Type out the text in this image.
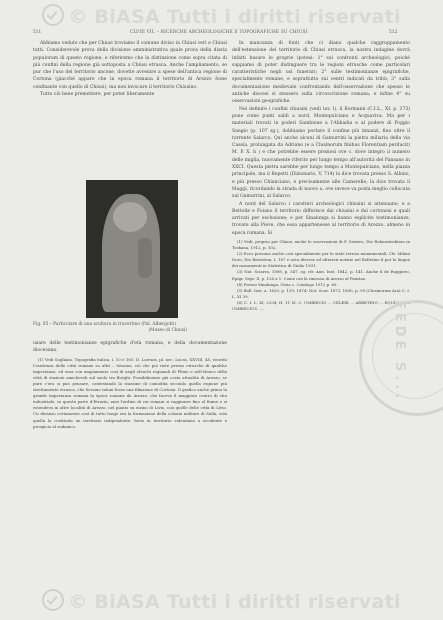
© BiASA Tutti i diritti riservati
511	CLVIII VII. – RICERCHE ARCHEOLOGICHE E TOPOGRAFICHE SU CHIUSI	512

Abbiamo veduto che per Chiusi troviamo il comune diviso in Chiusi veri e Chiusi tutti. Considerevole prova della divisione amministrativa quale prova della diaria populorum di questo regione, e riferiremo che la distinzione come sopra citata di più confini della regione già sottoposta a Chiusi etrusca. Anche l'ampliamento, se pur che l'uso del territorio ancone, dovette avvenire a spese dell'antica regione di Cortona (giacché appare che in epoca romana il territorio di Arezzo fosse confinante con quello di Chiusi), ma non invocare il territorio Chiusino.

Tutto ciò bene premettere, per poter liberamente

Fig. 85 – Particolare di una scultura in travertino (Pal. Albergotti)
(Museo di Chiusi)

usare delle testimonianze epigrafiche d'età romana, e della documentazione diocesana.

(1) Vedi Sogliano, Topografia italica, i, 10 e 165. D. Lorenzi, pl. nec. Lucas, XXVIII, 45, ricordo l'esistenza delle città romane su altri – Sessino, ciò che poi riete presso etrusche di qualche importanza, ed essa con ampiamento così di negli elenchi regionali di Plinio e nell'elenco della città di stazioni amichevoli sul suolo tra Borghi. Possibilmente già costa attualità di Arezzo, se pure c'era si può pensare, contestando la stazione di comodità secondo quella regione più strettamente etrusca, che Sessino taluni fosse una filiazione di Cortona. Il grafico anche prima la grande importanza romana la epoca romana da Arezzo, che faceva il maggiore centro di vita industriale, in questa parte d'Etruria; anzi l'ordine di cui romani si raggiunse fino al fiume e si estendeva in altre località di Arezzo, nel pianto su eizino di Livio, con quelle delle città di Livio. Un divanzo certamente così di tutto luogo ora la formazione della colonia militare di Sulla, sola quella la costituita un territorio indipendente, forse in territorio valentiano a occidente e prospicio al sudanico.

In mancanza di fonti che ci diano qualche raggruppamento dell'estensione del territorio di Chiusi etrusca, la nostra indagine dovrà infatti basare le proprie ipotesi: 1° sui confronti archeologici, poiché sappiamo di poter distinguere tra le regioni etrusche come particolari caratteristiche negli usi funerari; 2° sulle testimonianze epigrafiche, specialmente romane, e soprattutto sui centri indicati da tribù; 3° sulla documentazione medievale confrontando dell'osservazione che spesso le antiche diocesi si stessero sulla circoscrizione romana; e infine 4° su osservazioni geografiche.

Nel definire i confini chiusini (vedi tav. I), il Bormann (C.I.L., XI, p. 373) pone come punti saldi a nord, Montepulciano e Acquaviva. Ma per i materiali trovati in poderi Sambione a l'Abbadia e al podere di Poggio Sangio (p. 107 sg.), dobbiamo portare il confine più innanzi, fino oltre il torrente Salarco. Qui anche alcuni di Gamurrini la pietra miliaria della via Cassia, prolungata da Adriano (e a Clusinorum finibus Florentiam perducit) M. P. X. h ) e che potrebbe essere preziosi ove c. dove integro il numero delle miglia, nuovamente riferito per lungo tempo all'autorità del Pansano in XXCI. Questa pietra sarebbe per lungo tempo a Montepulciano, nella piazza principale, ma il Repetti (Dizionario, V, 714) la dice trovata presso S. Albino, e più presso Chianciano, e precisamente alle Camerelle; la dice trovata il Maggi, ricordando la strada di nuovo a, ove invece va posta meglio collocata sul Gamurrini, al Salarco.

A nord del Salarco i caratteri archeologici chiusini si attenuano; e a Bettolle e Foiano il territorio differisce dai chiusini e dai cortonesi e quali arrivati per esclusione; e per Sinalunga si hanno esplicite testimonianze, trovate alla Pieve, che essa appartenesse al territorio di Arezzo, almeno in epoca romana. Si

(1) Vedi, proprio per Chiusi, anche le osservazioni di F. Soriero, Die Rekonstruktion in Toskana, 1912, p. 102.

(2) Ecco possono anche così specialmente per le stele terrosi monumentali, Cfr. Milani Doro, Die Bestatten, I, 167 e nota diverse ed ulteriori notizie nel Bolletino il per la lingua dei monumenti in Statistica di Giulio 1931.

(3) Nat. Sciarra, 1898, p. 347, sg. cfr. Ann. Inst. 1842, p. 141. Anche il de Ruggiero, Epigr. Sepr. Il, p. 126 a 1. Come ora la rimessa di Arezzo al Pansino.

(4) Presso Sinalunga, Gioia c. Catalogo 1912 p. 69.

(5) Boll. Inst. a, 1839, p. 119; 1874; Not. Scav. 1873, 1890, p. 99 (Clusinorum Ara) C. I. L. XI 39.

(6) C. I. L. XI, 2294; H. 11 M. C. UMBRICIO ... CELERI ... ARRETINO ... EQUITI ... L. UMBRICIUS .....	FEDE S...
© BiASA Tutti i diritti riservati
